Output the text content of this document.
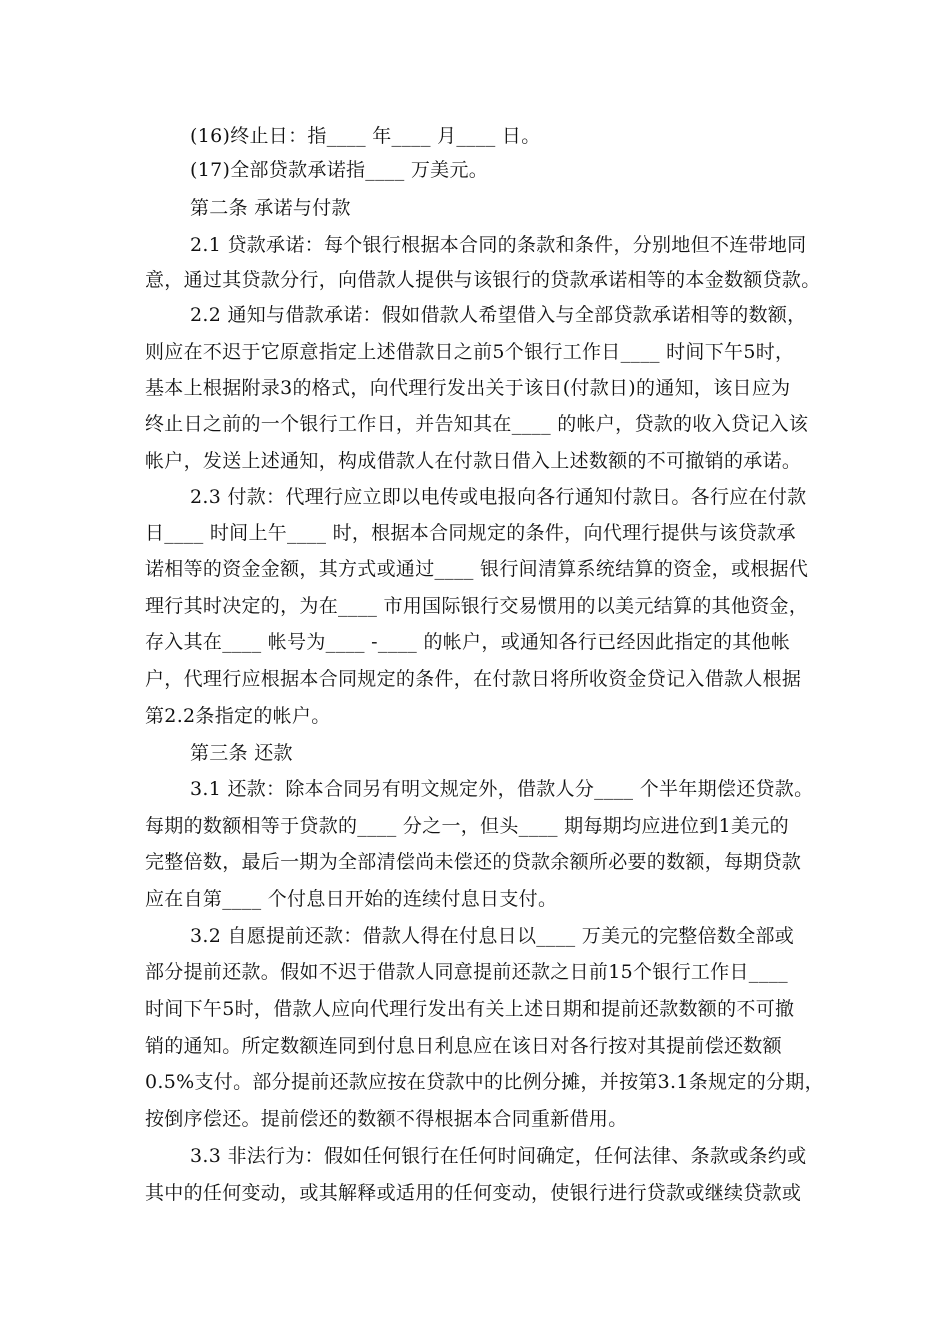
(16)终止日：指____ 年____ 月____ 日。
(17)全部贷款承诺指____ 万美元。
第二条 承诺与付款
2.1 贷款承诺：每个银行根据本合同的条款和条件，分别地但不连带地同
意，通过其贷款分行，向借款人提供与该银行的贷款承诺相等的本金数额贷款。
2.2 通知与借款承诺：假如借款人希望借入与全部贷款承诺相等的数额，
则应在不迟于它原意指定上述借款日之前5个银行工作日____ 时间下午5时，
基本上根据附录3的格式，向代理行发出关于该日(付款日)的通知，该日应为
终止日之前的一个银行工作日，并告知其在____ 的帐户，贷款的收入贷记入该
帐户，发送上述通知，构成借款人在付款日借入上述数额的不可撤销的承诺。
2.3 付款：代理行应立即以电传或电报向各行通知付款日。各行应在付款
日____ 时间上午____ 时，根据本合同规定的条件，向代理行提供与该贷款承
诺相等的资金金额，其方式或通过____ 银行间清算系统结算的资金，或根据代
理行其时决定的，为在____ 市用国际银行交易惯用的以美元结算的其他资金，
存入其在____ 帐号为____ -____ 的帐户，或通知各行已经因此指定的其他帐
户，代理行应根据本合同规定的条件，在付款日将所收资金贷记入借款人根据
第2.2条指定的帐户。
第三条 还款
3.1 还款：除本合同另有明文规定外，借款人分____ 个半年期偿还贷款。
每期的数额相等于贷款的____ 分之一，但头____ 期每期均应进位到1美元的
完整倍数，最后一期为全部清偿尚未偿还的贷款余额所必要的数额，每期贷款
应在自第____ 个付息日开始的连续付息日支付。
3.2 自愿提前还款：借款人得在付息日以____ 万美元的完整倍数全部或
部分提前还款。假如不迟于借款人同意提前还款之日前15个银行工作日____
时间下午5时，借款人应向代理行发出有关上述日期和提前还款数额的不可撤
销的通知。所定数额连同到付息日利息应在该日对各行按对其提前偿还数额
0.5%支付。部分提前还款应按在贷款中的比例分摊，并按第3.1条规定的分期，
按倒序偿还。提前偿还的数额不得根据本合同重新借用。
3.3 非法行为：假如任何银行在任何时间确定，任何法律、条款或条约或
其中的任何变动，或其解释或适用的任何变动，使银行进行贷款或继续贷款或
